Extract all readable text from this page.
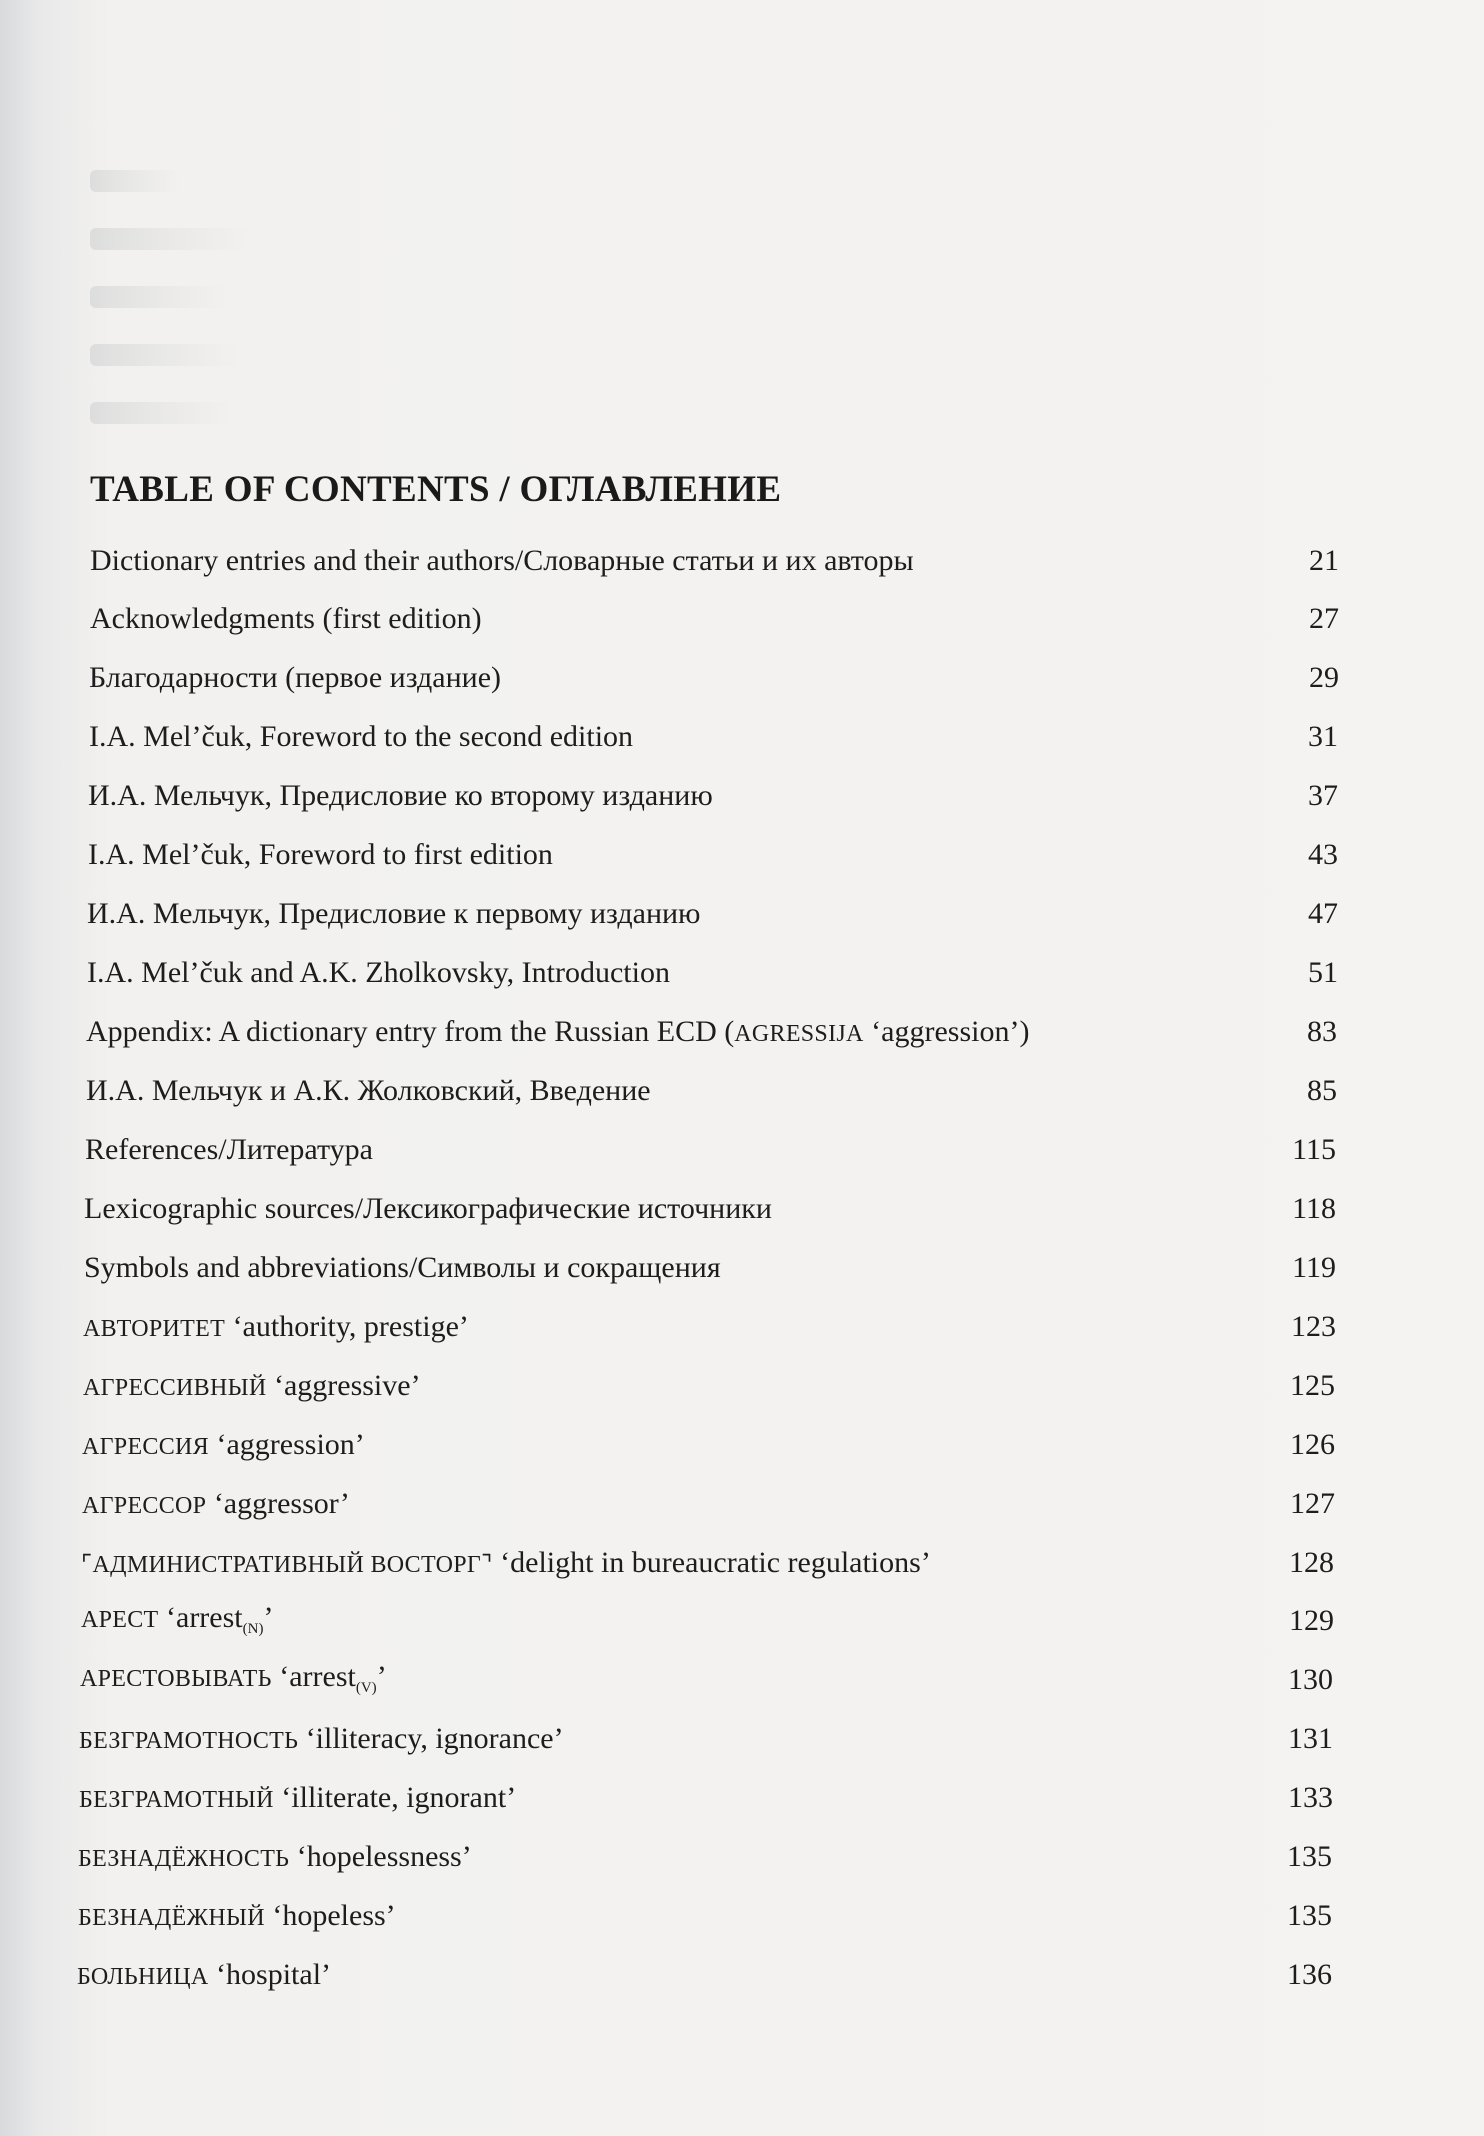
TABLE OF CONTENTS / ОГЛАВЛЕНИЕ
Dictionary entries and their authors/Словарные статьи и их авторы	21
Acknowledgments (first edition)	27
Благодарности (первое издание)	29
I.A. Mel’čuk, Foreword to the second edition	31
И.А. Мельчук, Предисловие ко второму изданию	37
I.A. Mel’čuk, Foreword to first edition	43
И.А. Мельчук, Предисловие к первому изданию	47
I.A. Mel’čuk and A.K. Zholkovsky, Introduction	51
Appendix: A dictionary entry from the Russian ECD (AGRESSIJA ‘aggression’)	83
И.А. Мельчук и А.К. Жолковский, Введение	85
References/Литература	115
Lexicographic sources/Лексикографические источники	118
Symbols and abbreviations/Символы и сокращения	119
АВТОРИТЕТ ‘authority, prestige’	123
АГРЕССИВНЫЙ ‘aggressive’	125
АГРЕССИЯ ‘aggression’	126
АГРЕССОР ‘aggressor’	127
⌜АДМИНИСТРАТИВНЫЙ ВОСТОРГ⌝ ‘delight in bureaucratic regulations’	128
АРЕСТ ‘arrest$_{(N)}$’	129
АРЕСТОВЫВАТЬ ‘arrest$_{(V)}$’	130
БЕЗГРАМОТНОСТЬ ‘illiteracy, ignorance’	131
БЕЗГРАМОТНЫЙ ‘illiterate, ignorant’	133
БЕЗНАДЁЖНОСТЬ ‘hopelessness’	135
БЕЗНАДЁЖНЫЙ ‘hopeless’	135
БОЛЬНИЦА ‘hospital’	136
